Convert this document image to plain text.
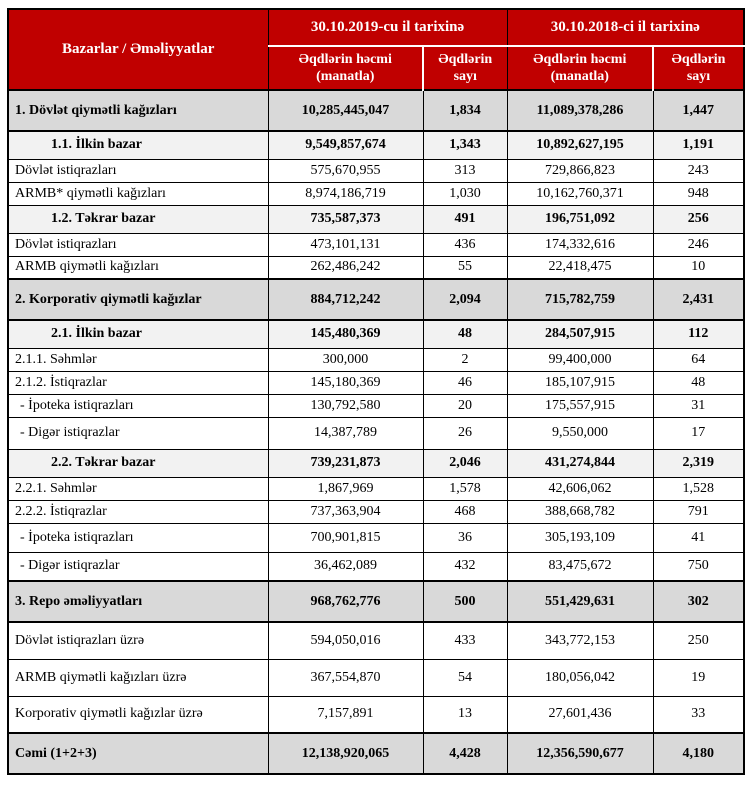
Bazarlar / Əməliyyatlar	30.10.2019-cu il tarixinə		30.10.2018-ci il tarixinə	
	Əqdlərin həcmi (manatla)	Əqdlərin sayı	Əqdlərin həcmi (manatla)	Əqdlərin sayı
1. Dövlət qiymətli kağızları	10,285,445,047	1,834	11,089,378,286	1,447
1.1. İlkin bazar	9,549,857,674	1,343	10,892,627,195	1,191
Dövlət istiqrazları	575,670,955	313	729,866,823	243
ARMB* qiymətli kağızları	8,974,186,719	1,030	10,162,760,371	948
1.2. Təkrar bazar	735,587,373	491	196,751,092	256
Dövlət istiqrazları	473,101,131	436	174,332,616	246
ARMB qiymətli kağızları	262,486,242	55	22,418,475	10
2. Korporativ qiymətli kağızlar	884,712,242	2,094	715,782,759	2,431
2.1. İlkin bazar	145,480,369	48	284,507,915	112
2.1.1. Səhmlər	300,000	2	99,400,000	64
2.1.2. İstiqrazlar	145,180,369	46	185,107,915	48
- İpoteka istiqrazları	130,792,580	20	175,557,915	31
- Digər istiqrazlar	14,387,789	26	9,550,000	17
2.2. Təkrar bazar	739,231,873	2,046	431,274,844	2,319
2.2.1. Səhmlər	1,867,969	1,578	42,606,062	1,528
2.2.2. İstiqrazlar	737,363,904	468	388,668,782	791
- İpoteka istiqrazları	700,901,815	36	305,193,109	41
- Digər istiqrazlar	36,462,089	432	83,475,672	750
3. Repo əməliyyatları	968,762,776	500	551,429,631	302
Dövlət istiqrazları üzrə	594,050,016	433	343,772,153	250
ARMB qiymətli kağızları üzrə	367,554,870	54	180,056,042	19
Korporativ qiymətli kağızlar üzrə	7,157,891	13	27,601,436	33
Cəmi (1+2+3)	12,138,920,065	4,428	12,356,590,677	4,180
